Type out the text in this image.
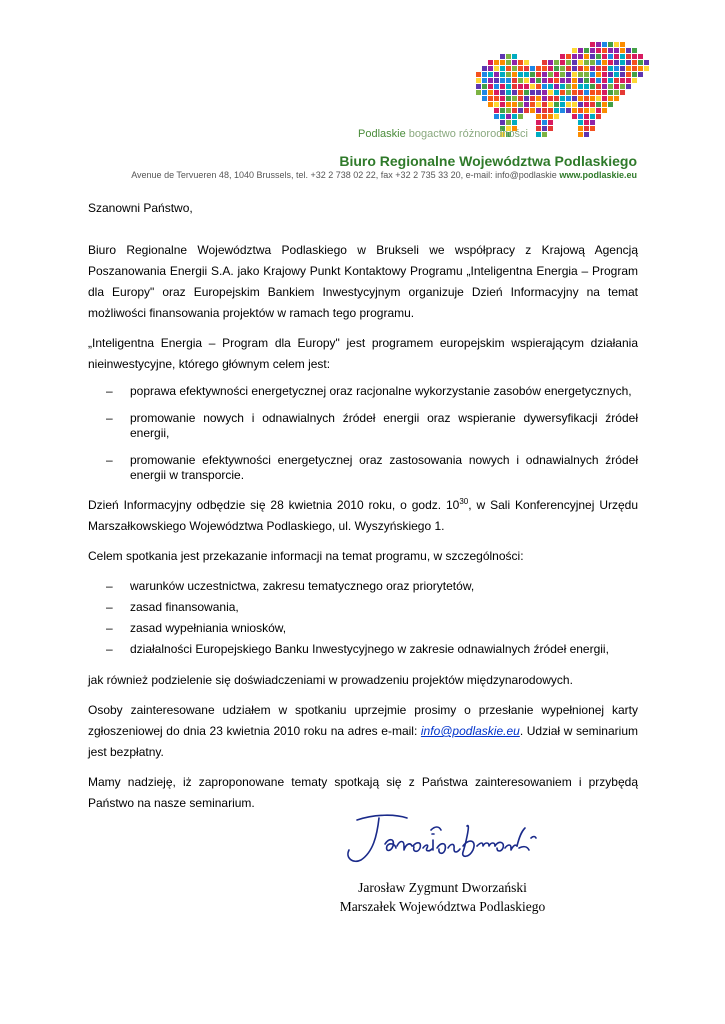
Podlaskie bogactwo różnorodności
Biuro Regionalne Województwa Podlaskiego
Avenue de Tervueren 48, 1040 Brussels, tel. +32 2 738 02 22, fax +32 2 735 33 20, e-mail: info@podlaskie www.podlaskie.eu

Szanowni Państwo,

Biuro Regionalne Województwa Podlaskiego w Brukseli we współpracy z Krajową Agencją Poszanowania Energii S.A. jako Krajowy Punkt Kontaktowy Programu „Inteligentna Energia – Program dla Europy" oraz Europejskim Bankiem Inwestycyjnym organizuje Dzień Informacyjny na temat możliwości finansowania projektów w ramach tego programu.

„Inteligentna Energia – Program dla Europy" jest programem europejskim wspierającym działania nieinwestycyjne, którego głównym celem jest:

– poprawa efektywności energetycznej oraz racjonalne wykorzystanie zasobów energetycznych,
– promowanie nowych i odnawialnych źródeł energii oraz wspieranie dywersyfikacji źródeł energii,
– promowanie efektywności energetycznej oraz zastosowania nowych i odnawialnych źródeł energii w transporcie.

Dzień Informacyjny odbędzie się 28 kwietnia 2010 roku, o godz. $10^{30}$, w Sali Konferencyjnej Urzędu Marszałkowskiego Województwa Podlaskiego, ul. Wyszyńskiego 1.

Celem spotkania jest przekazanie informacji na temat programu, w szczególności:

– warunków uczestnictwa, zakresu tematycznego oraz priorytetów,
– zasad finansowania,
– zasad wypełniania wniosków,
– działalności Europejskiego Banku Inwestycyjnego w zakresie odnawialnych źródeł energii,

jak również podzielenie się doświadczeniami w prowadzeniu projektów międzynarodowych.

Osoby zainteresowane udziałem w spotkaniu uprzejmie prosimy o przesłanie wypełnionej karty zgłoszeniowej do dnia 23 kwietnia 2010 roku na adres e-mail: info@podlaskie.eu. Udział w seminarium jest bezpłatny.

Mamy nadzieję, iż zaproponowane tematy spotkają się z Państwa zainteresowaniem i przybędą Państwo na nasze seminarium.

Jarosław Zygmunt Dworzański
Marszałek Województwa Podlaskiego
